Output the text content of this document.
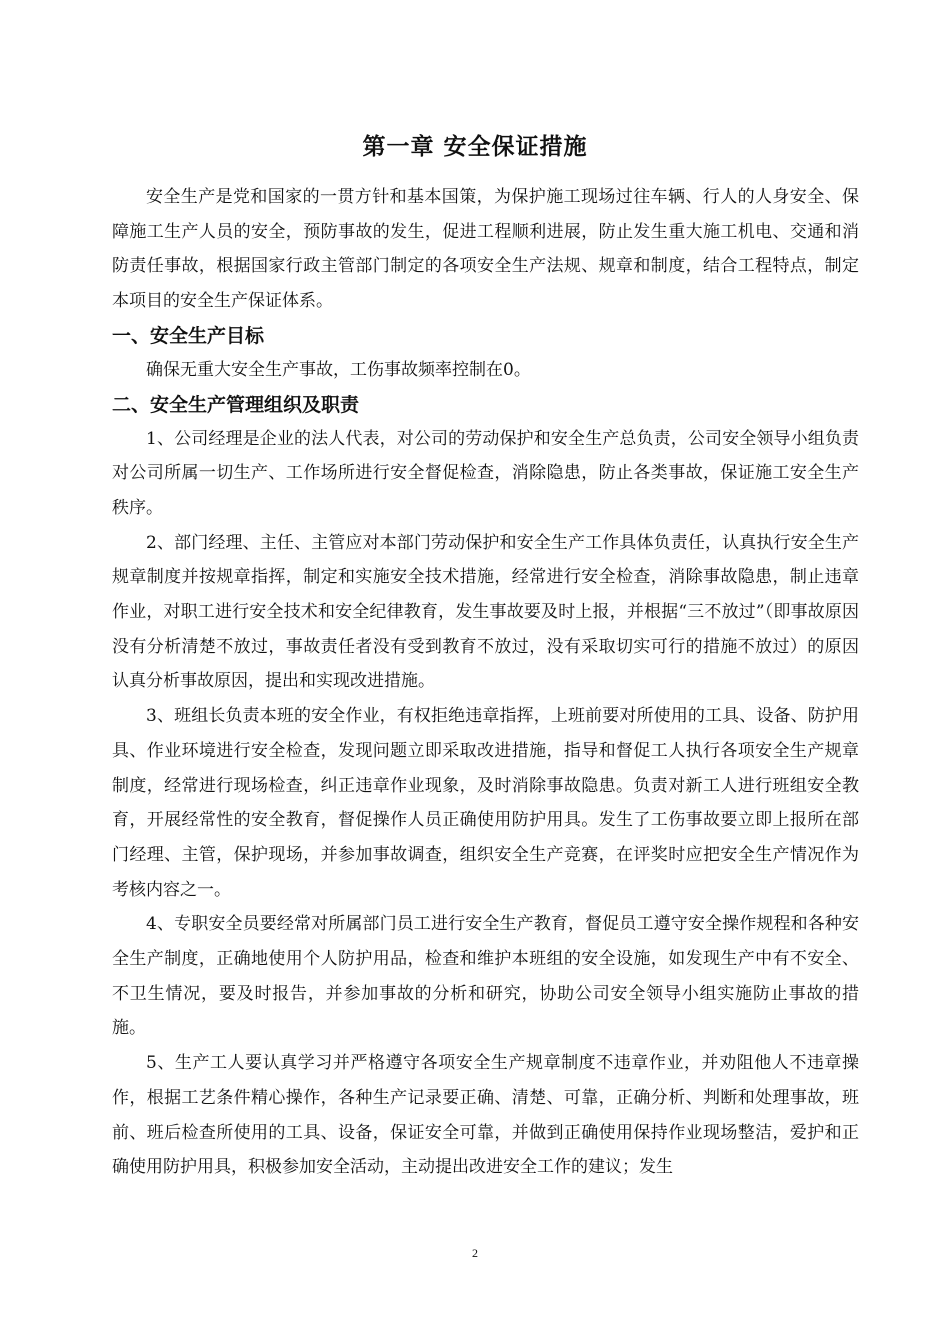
第一章 安全保证措施

安全生产是党和国家的一贯方针和基本国策，为保护施工现场过往车辆、行人的人身安全、保障施工生产人员的安全，预防事故的发生，促进工程顺利进展，防止发生重大施工机电、交通和消防责任事故，根据国家行政主管部门制定的各项安全生产法规、规章和制度，结合工程特点，制定本项目的安全生产保证体系。

一、安全生产目标

确保无重大安全生产事故，工伤事故频率控制在0。

二、安全生产管理组织及职责

1、公司经理是企业的法人代表，对公司的劳动保护和安全生产总负责，公司安全领导小组负责对公司所属一切生产、工作场所进行安全督促检查，消除隐患，防止各类事故，保证施工安全生产秩序。

2、部门经理、主任、主管应对本部门劳动保护和安全生产工作具体负责任，认真执行安全生产规章制度并按规章指挥，制定和实施安全技术措施，经常进行安全检查，消除事故隐患，制止违章作业，对职工进行安全技术和安全纪律教育，发生事故要及时上报，并根据“三不放过”（即事故原因没有分析清楚不放过，事故责任者没有受到教育不放过，没有采取切实可行的措施不放过）的原因认真分析事故原因，提出和实现改进措施。

3、班组长负责本班的安全作业，有权拒绝违章指挥，上班前要对所使用的工具、设备、防护用具、作业环境进行安全检查，发现问题立即采取改进措施，指导和督促工人执行各项安全生产规章制度，经常进行现场检查，纠正违章作业现象，及时消除事故隐患。负责对新工人进行班组安全教育，开展经常性的安全教育，督促操作人员正确使用防护用具。发生了工伤事故要立即上报所在部门经理、主管，保护现场，并参加事故调查，组织安全生产竞赛，在评奖时应把安全生产情况作为考核内容之一。

4、专职安全员要经常对所属部门员工进行安全生产教育，督促员工遵守安全操作规程和各种安全生产制度，正确地使用个人防护用品，检查和维护本班组的安全设施，如发现生产中有不安全、不卫生情况，要及时报告，并参加事故的分析和研究，协助公司安全领导小组实施防止事故的措施。

5、生产工人要认真学习并严格遵守各项安全生产规章制度不违章作业，并劝阻他人不违章操作，根据工艺条件精心操作，各种生产记录要正确、清楚、可靠，正确分析、判断和处理事故，班前、班后检查所使用的工具、设备，保证安全可靠，并做到正确使用保持作业现场整洁，爱护和正确使用防护用具，积极参加安全活动，主动提出改进安全工作的建议；发生

2
